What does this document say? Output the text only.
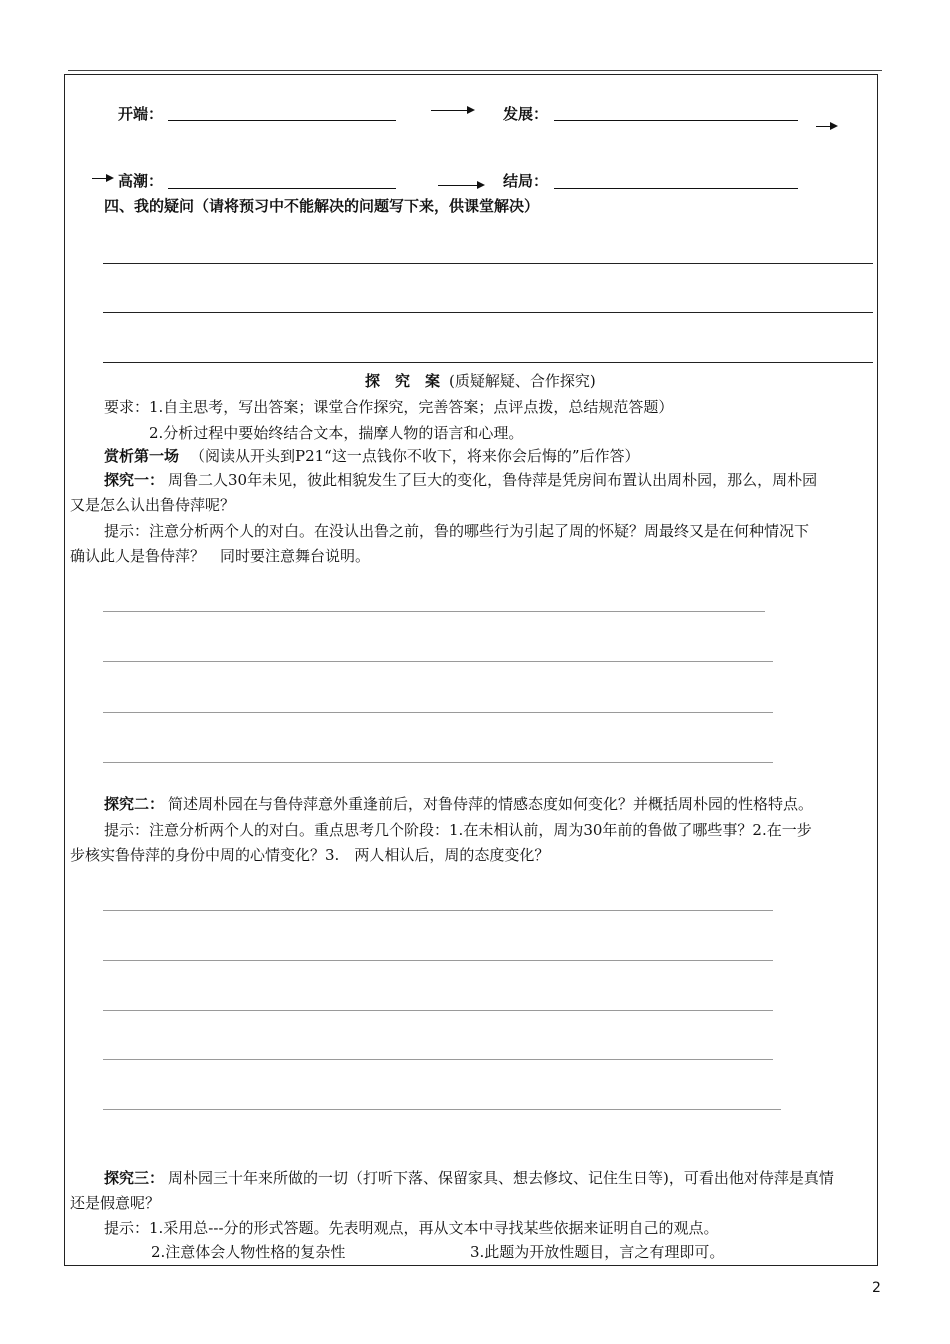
开端：	发展：
高潮：	结局：
四、我的疑问（请将预习中不能解决的问题写下来，供课堂解决）
探　究　案 (质疑解疑、合作探究)
要求：1.自主思考，写出答案；课堂合作探究，完善答案；点评点拨，总结规范答题）
2.分析过程中要始终结合文本，揣摩人物的语言和心理。
赏析第一场 （阅读从开头到P21“这一点钱你不收下，将来你会后悔的”后作答）
探究一： 周鲁二人30年未见，彼此相貌发生了巨大的变化，鲁侍萍是凭房间布置认出周朴园，那么，周朴园
又是怎么认出鲁侍萍呢？
提示：注意分析两个人的对白。在没认出鲁之前，鲁的哪些行为引起了周的怀疑？周最终又是在何种情况下
确认此人是鲁侍萍？　同时要注意舞台说明。
探究二： 简述周朴园在与鲁侍萍意外重逢前后，对鲁侍萍的情感态度如何变化？并概括周朴园的性格特点。
提示：注意分析两个人的对白。重点思考几个阶段：1.在未相认前，周为30年前的鲁做了哪些事？2.在一步
步核实鲁侍萍的身份中周的心情变化？3.　两人相认后，周的态度变化？
探究三： 周朴园三十年来所做的一切（打听下落、保留家具、想去修坟、记住生日等)，可看出他对侍萍是真情
还是假意呢？
提示：1.采用总---分的形式答题。先表明观点，再从文本中寻找某些依据来证明自己的观点。
2.注意体会人物性格的复杂性	3.此题为开放性题目，言之有理即可。
2
